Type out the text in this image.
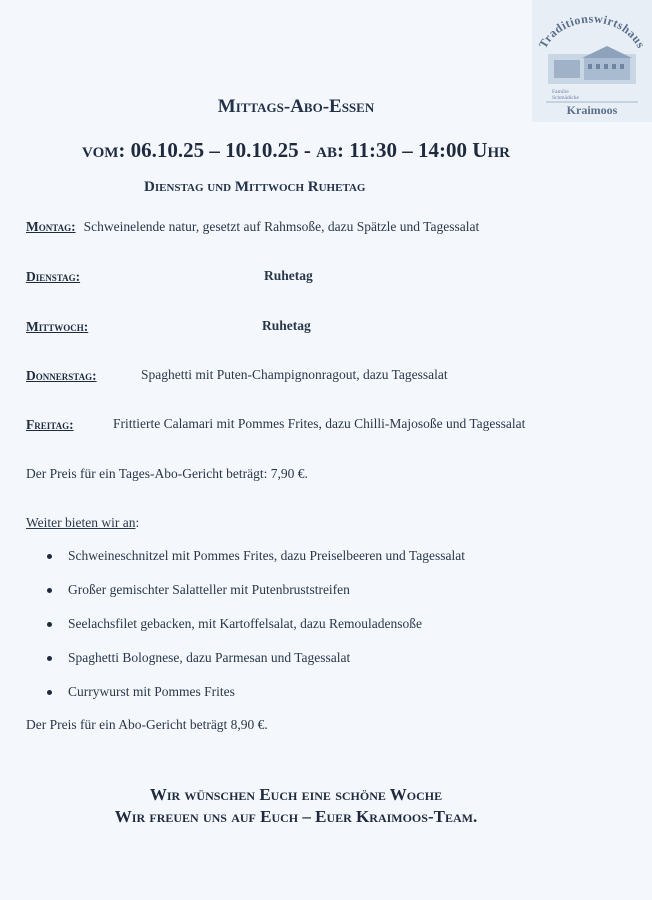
Traditionswirtshaus
Familie
Schmädicke
Kraimoos
Mittags-Abo-Essen
vom: 06.10.25 – 10.10.25 - ab: 11:30 – 14:00 Uhr
Dienstag und Mittwoch Ruhetag
Montag: Schweinelende natur, gesetzt auf Rahmsoße, dazu Spätzle und Tagessalat
Dienstag:	Ruhetag
Mittwoch:	Ruhetag
Donnerstag:	Spaghetti mit Puten-Champignonragout, dazu Tagessalat
Freitag:	Frittierte Calamari mit Pommes Frites, dazu Chilli-Majosoße und Tagessalat
Der Preis für ein Tages-Abo-Gericht beträgt: 7,90 €.
Weiter bieten wir an:
Schweineschnitzel mit Pommes Frites, dazu Preiselbeeren und Tagessalat
Großer gemischter Salatteller mit Putenbruststreifen
Seelachsfilet gebacken, mit Kartoffelsalat, dazu Remouladensoße
Spaghetti Bolognese, dazu Parmesan und Tagessalat
Currywurst mit Pommes Frites
Der Preis für ein Abo-Gericht beträgt 8,90 €.
Wir wünschen Euch eine schöne Woche
Wir freuen uns auf Euch – Euer Kraimoos-Team.
